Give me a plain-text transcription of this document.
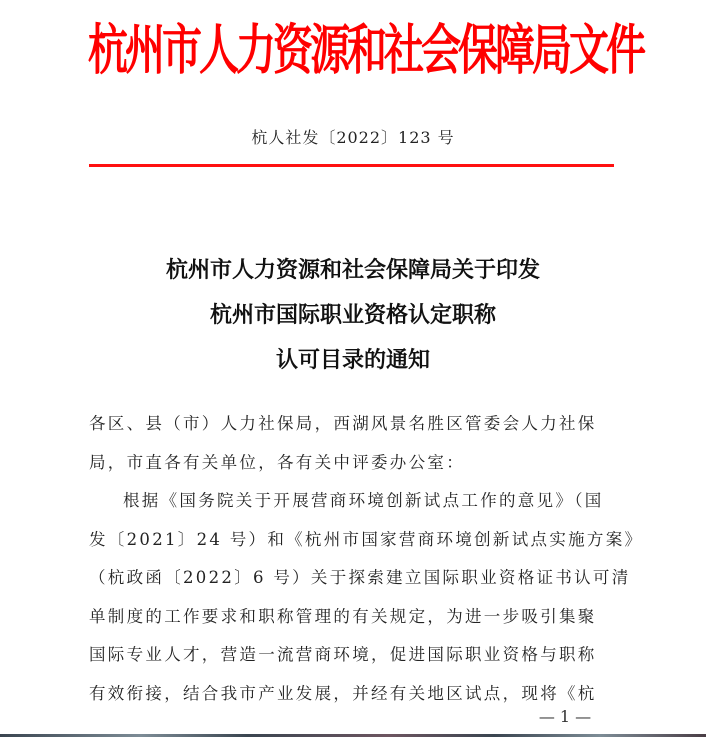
杭州市人力资源和社会保障局文件
杭人社发〔2022〕123 号
杭州市人力资源和社会保障局关于印发
杭州市国际职业资格认定职称
认可目录的通知

各区、县（市）人力社保局，西湖风景名胜区管委会人力社保

局，市直各有关单位，各有关中评委办公室：

根据《国务院关于开展营商环境创新试点工作的意见》（国

发〔2021〕24 号）和《杭州市国家营商环境创新试点实施方案》

（杭政函〔2022〕6 号）关于探索建立国际职业资格证书认可清

单制度的工作要求和职称管理的有关规定，为进一步吸引集聚

国际专业人才，营造一流营商环境，促进国际职业资格与职称

有效衔接，结合我市产业发展，并经有关地区试点，现将《杭

— 1 —
